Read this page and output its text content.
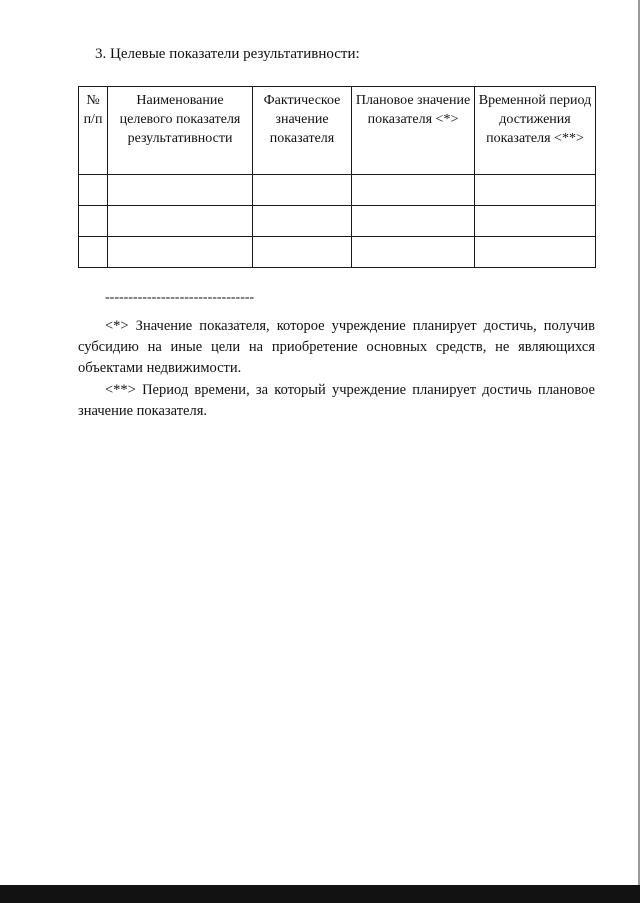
3. Целевые показатели результативности:
№ п/п	Наименование целевого показателя результативности	Фактическое значение показателя	Плановое значение показателя <*>	Временной период достижения показателя <**>

--------------------------------

<*> Значение показателя, которое учреждение планирует достичь, получив субсидию на иные цели на приобретение основных средств, не являющихся объектами недвижимости.

<**> Период времени, за который учреждение планирует достичь плановое значение показателя.
